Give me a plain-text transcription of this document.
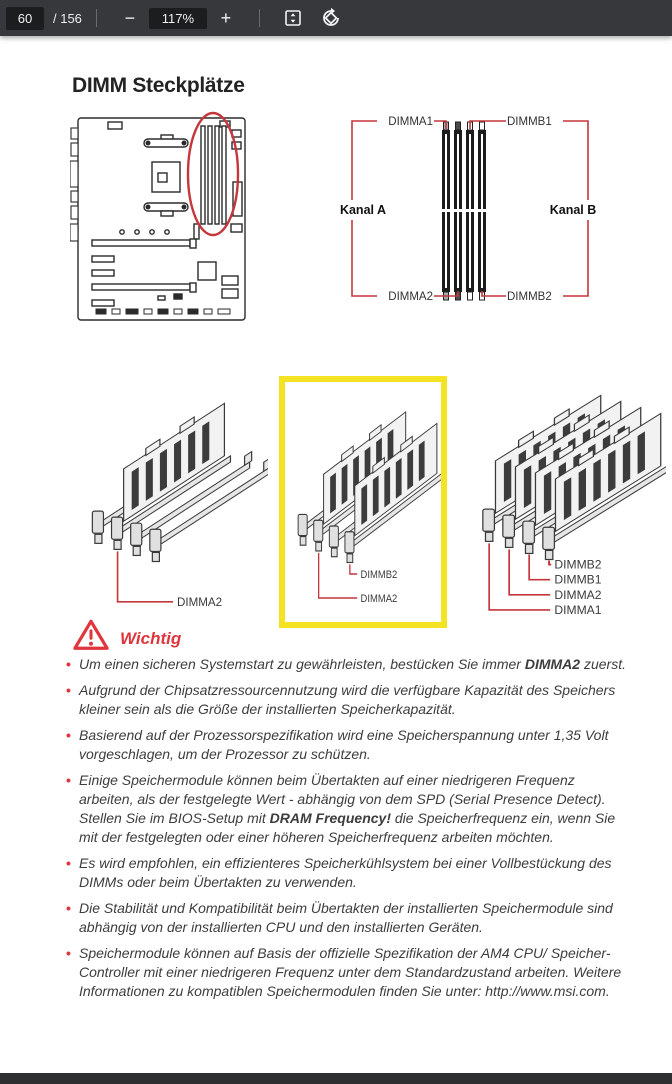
60
/ 156	−	117%	+
DIMM Steckplätze
DIMMA1	DIMMB1
DIMMA2	DIMMB2
Kanal A	Kanal B
DIMMA2
DIMMB2
DIMMA2
DIMMB2
DIMMB1
DIMMA2
DIMMA1
Wichtig
• Um einen sicheren Systemstart zu gewährleisten, bestücken Sie immer DIMMA2 zuerst.
• Aufgrund der Chipsatzressourcennutzung wird die verfügbare Kapazität des Speichers kleiner sein als die Größe der installierten Speicherkapazität.
• Basierend auf der Prozessorspezifikation wird eine Speicherspannung unter 1,35 Volt vorgeschlagen, um der Prozessor zu schützen.
• Einige Speichermodule können beim Übertakten auf einer niedrigeren Frequenz arbeiten, als der festgelegte Wert - abhängig von dem SPD (Serial Presence Detect). Stellen Sie im BIOS-Setup mit DRAM Frequency! die Speicherfrequenz ein, wenn Sie mit der festgelegten oder einer höheren Speicherfrequenz arbeiten möchten.
• Es wird empfohlen, ein effizienteres Speicherkühlsystem bei einer Vollbestückung des DIMMs oder beim Übertakten zu verwenden.
• Die Stabilität und Kompatibilität beim Übertakten der installierten Speichermodule sind abhängig von der installierten CPU und den installierten Geräten.
• Speichermodule können auf Basis der offizielle Spezifikation der AM4 CPU/ Speicher-Controller mit einer niedrigeren Frequenz unter dem Standardzustand arbeiten. Weitere Informationen zu kompatiblen Speichermodulen finden Sie unter: http://www.msi.com.
